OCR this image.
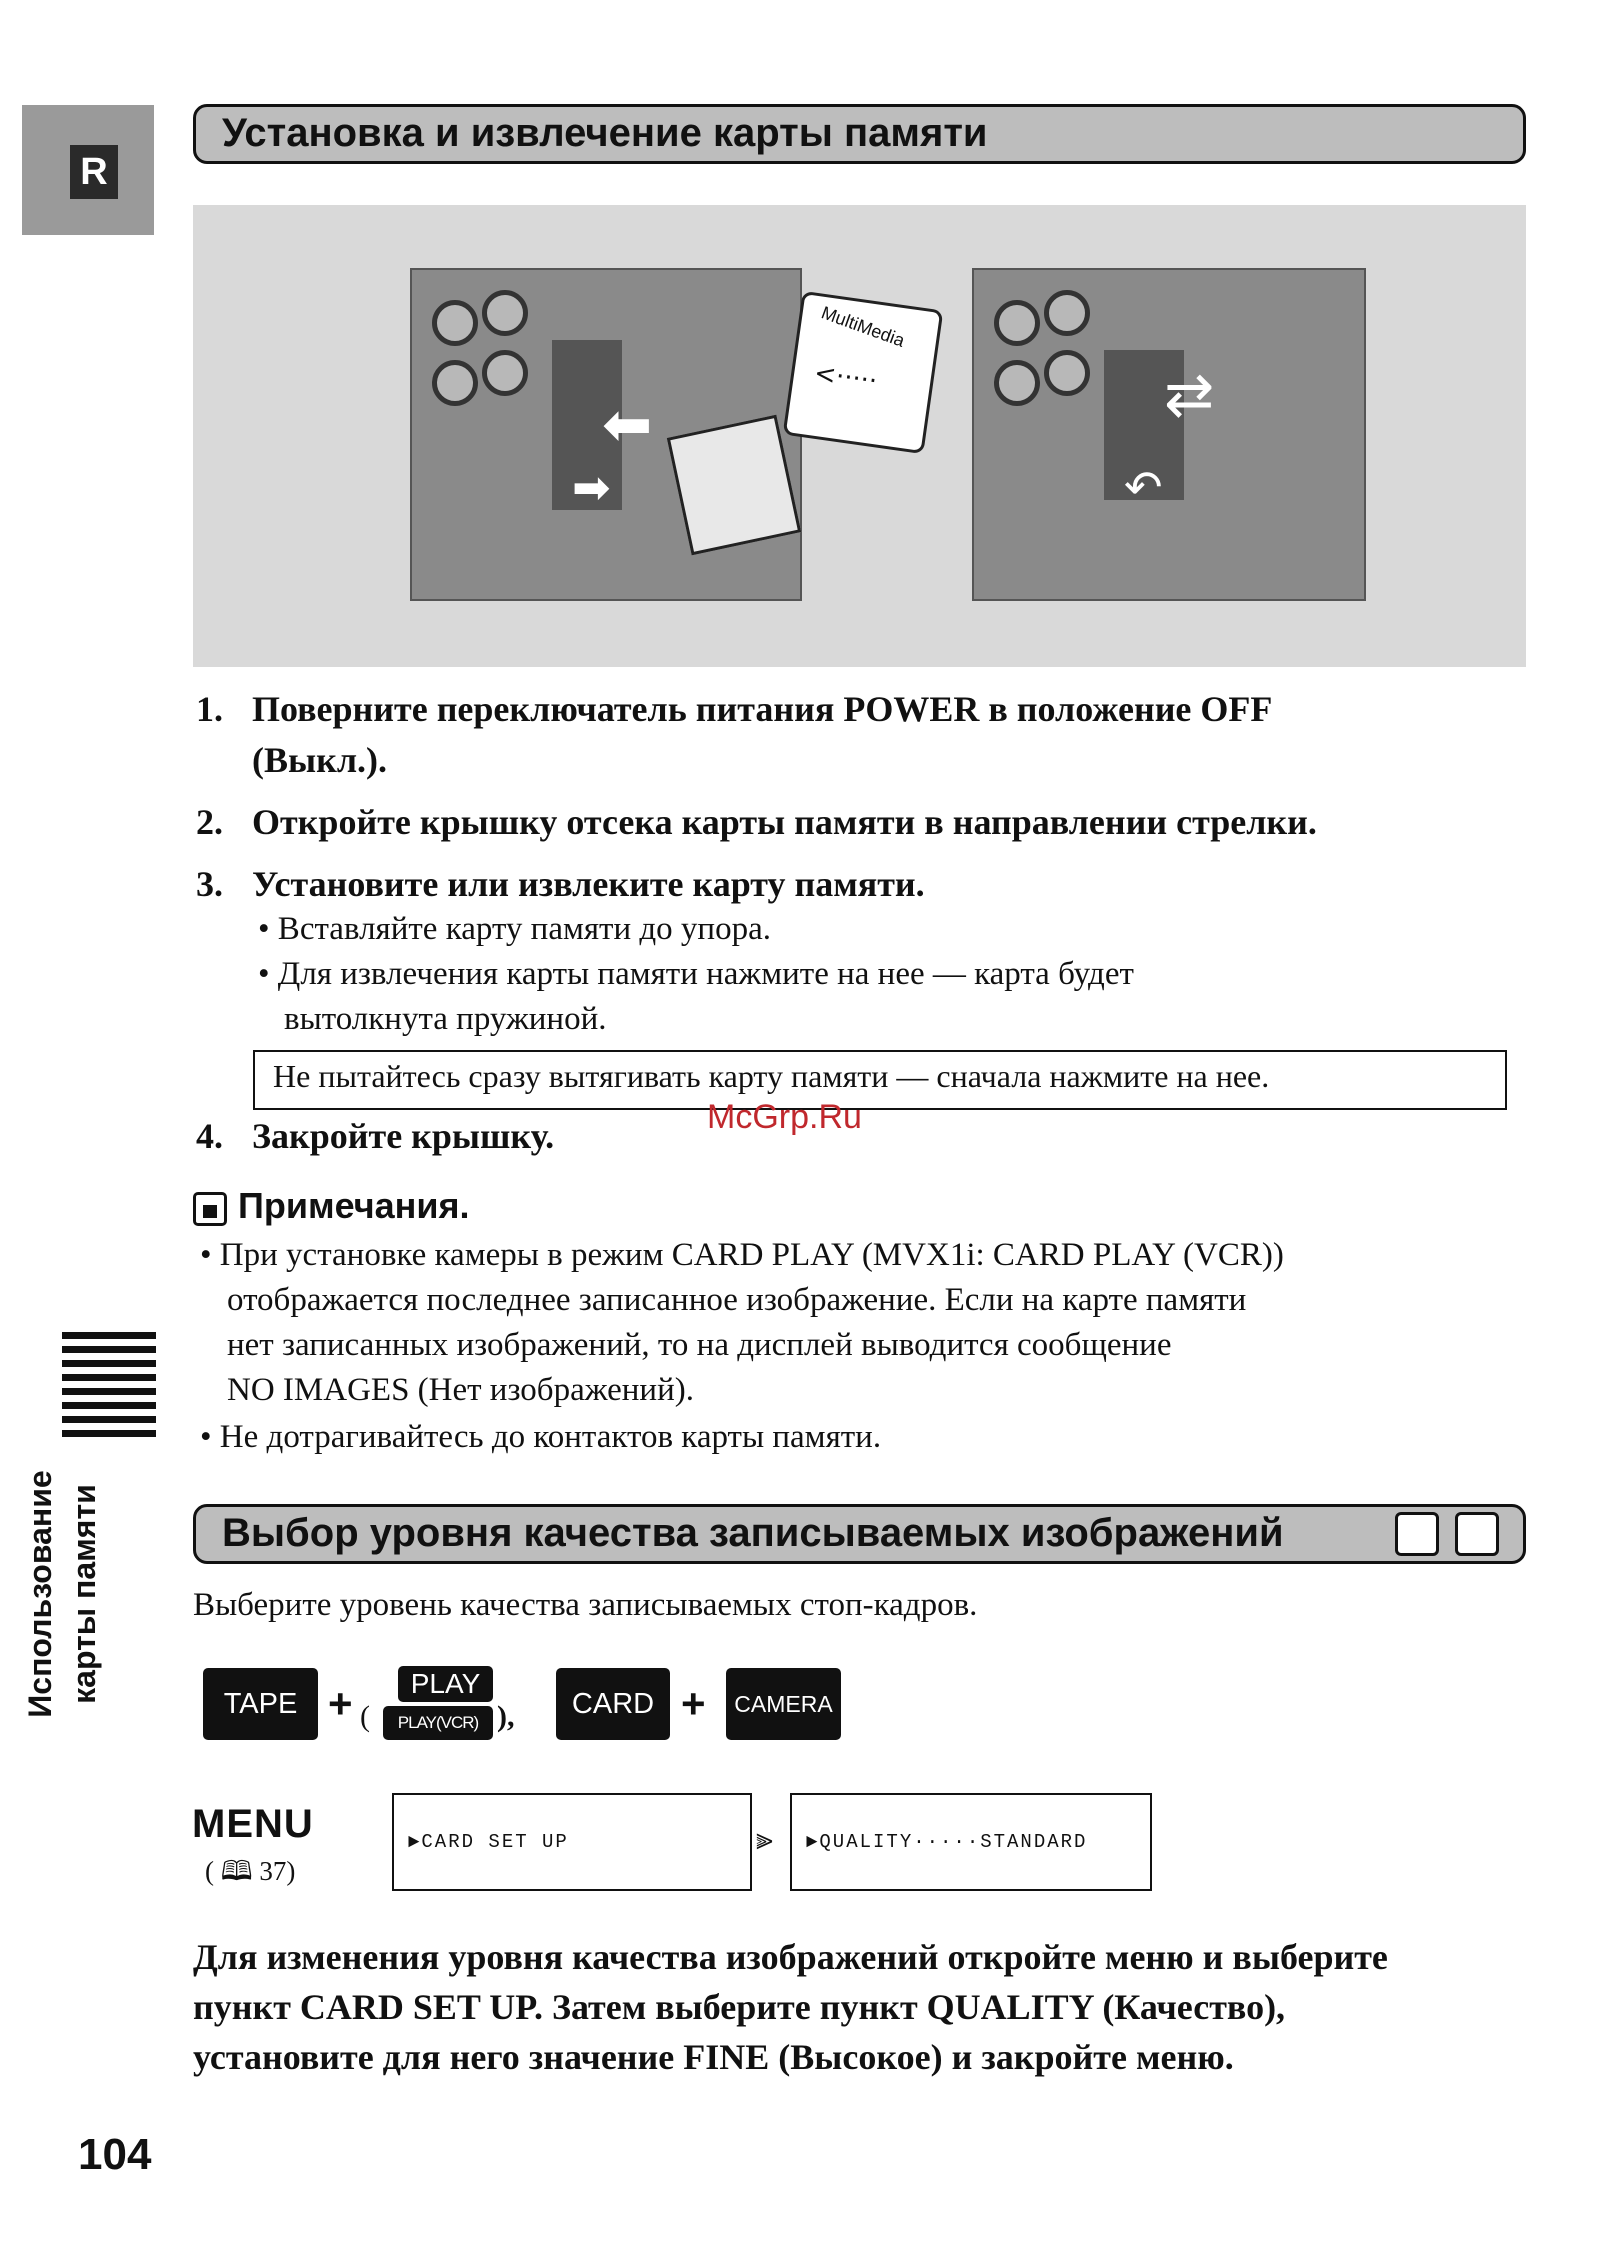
R
Установка и извлечение карты памяти
⬅
➡
MultiMedia
<·····	⇄
↶
1. Поверните переключатель питания POWER в положение OFF
(Выкл.).
2. Откройте крышку отсека карты памяти в направлении стрелки.
3. Установите или извлеките карту памяти.
• Вставляйте карту памяти до упора.
• Для извлечения карты памяти нажмите на нее — карта будет
вытолкнута пружиной.
Не пытайтесь сразу вытягивать карту памяти — сначала нажмите на нее.
McGrp.Ru
4. Закройте крышку.
Примечания.
• При установке камеры в режим CARD PLAY (MVX1i: CARD PLAY (VCR))
отображается последнее записанное изображение. Если на карте памяти
нет записанных изображений, то на дисплей выводится сообщение
NO IMAGES (Нет изображений).
• Не дотрагивайтесь до контактов карты памяти.
Использование карты памяти	Выбор уровня качества записываемых изображений
Выберите уровень качества записываемых стоп-кадров.
TAPE + (
PLAY
PLAY(VCR) ),	CARD +	CAMERA
MENU
( 🕮 37)
►CARD SET UP	⫸ ►QUALITY·····STANDARD
Для изменения уровня качества изображений откройте меню и выберите
пункт CARD SET UP. Затем выберите пункт QUALITY (Качество),
установите для него значение FINE (Высокое) и закройте меню.
104
